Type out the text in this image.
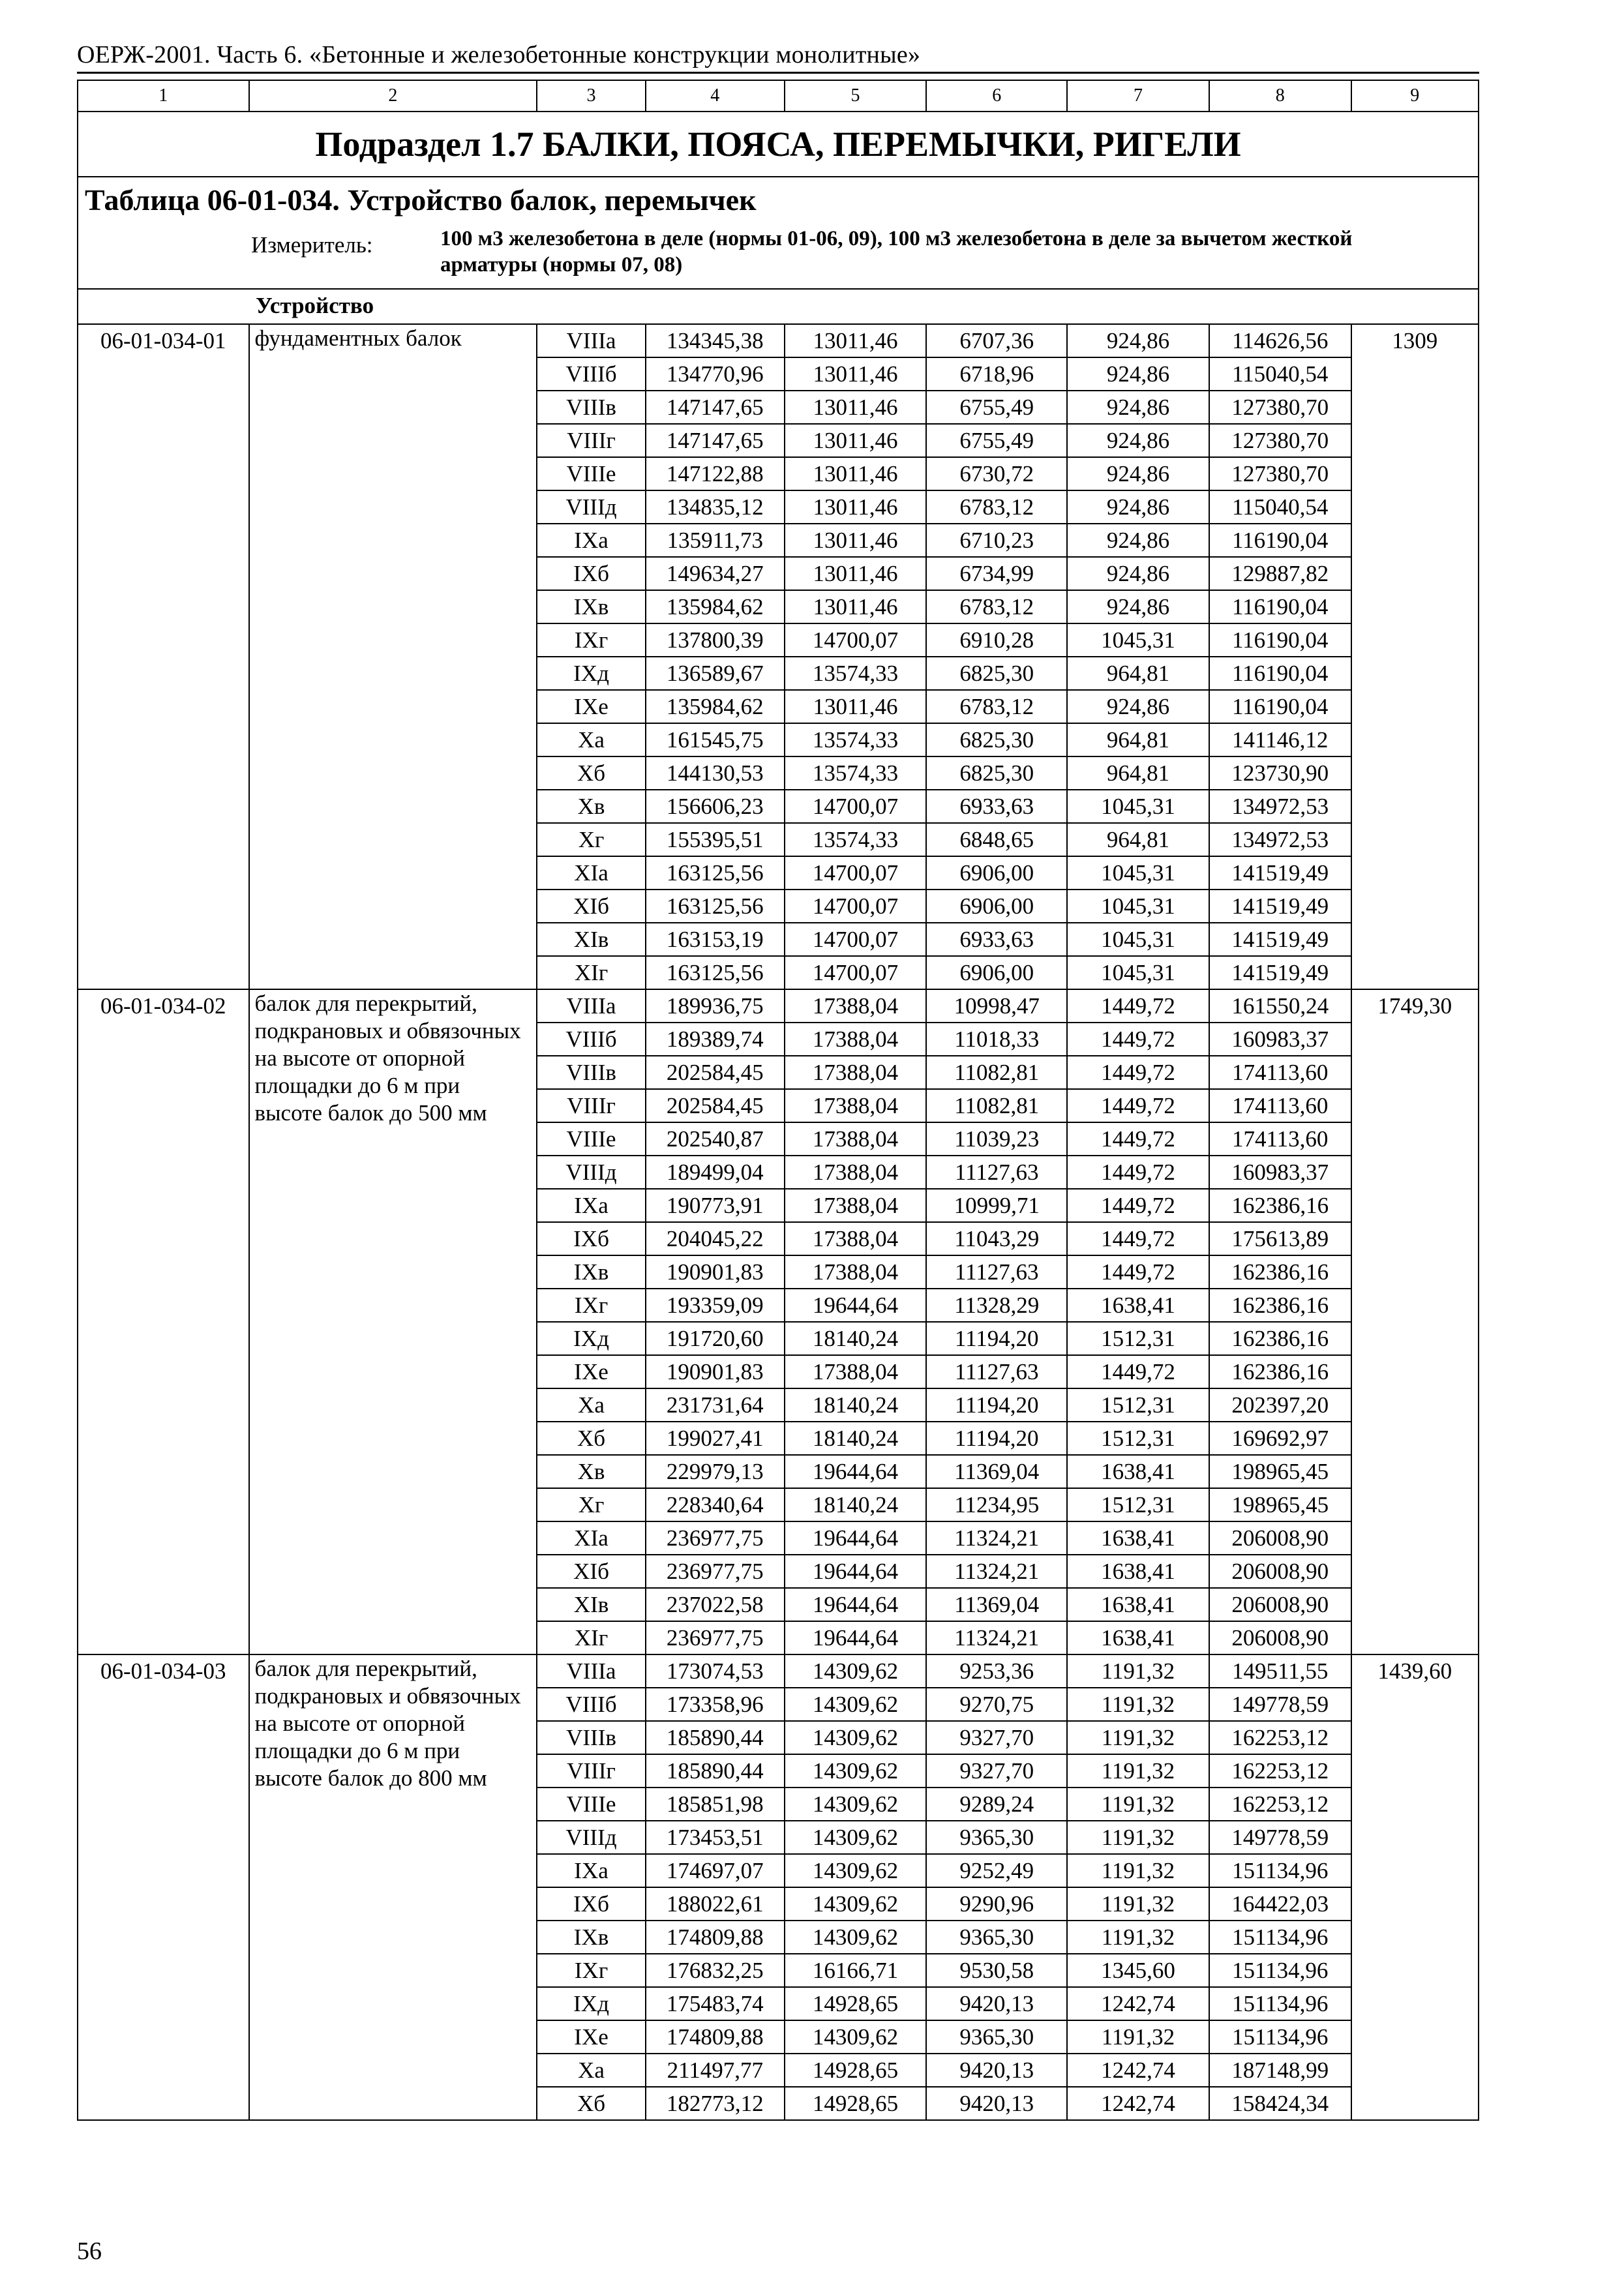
ОЕРЖ-2001. Часть 6. «Бетонные и железобетонные конструкции монолитные»
1	2	3	4	5	6	7	8	9
Подраздел 1.7 БАЛКИ, ПОЯСА, ПЕРЕМЫЧКИ, РИГЕЛИ								

Таблица 06-01-034. Устройство балок, перемычек
Измеритель: 100 м3 железобетона в деле (нормы 01-06, 09), 100 м3 железобетона в деле за вычетом жесткой арматуры (нормы 07, 08)								

Устройство								
06-01-034-01	фундаментных балок	VIIIа	134345,38	13011,46	6707,36	924,86	114626,56	1309
		VIIIб	134770,96	13011,46	6718,96	924,86	115040,54	
		VIIIв	147147,65	13011,46	6755,49	924,86	127380,70	
		VIIIг	147147,65	13011,46	6755,49	924,86	127380,70	
		VIIIе	147122,88	13011,46	6730,72	924,86	127380,70	
		VIIIд	134835,12	13011,46	6783,12	924,86	115040,54	
		IXа	135911,73	13011,46	6710,23	924,86	116190,04	
		IXб	149634,27	13011,46	6734,99	924,86	129887,82	
		IXв	135984,62	13011,46	6783,12	924,86	116190,04	
		IXг	137800,39	14700,07	6910,28	1045,31	116190,04	
		IXд	136589,67	13574,33	6825,30	964,81	116190,04	
		IXе	135984,62	13011,46	6783,12	924,86	116190,04	
		Xа	161545,75	13574,33	6825,30	964,81	141146,12	
		Xб	144130,53	13574,33	6825,30	964,81	123730,90	
		Xв	156606,23	14700,07	6933,63	1045,31	134972,53	
		Xг	155395,51	13574,33	6848,65	964,81	134972,53	
		XIа	163125,56	14700,07	6906,00	1045,31	141519,49	
		XIб	163125,56	14700,07	6906,00	1045,31	141519,49	
		XIв	163153,19	14700,07	6933,63	1045,31	141519,49	
		XIг	163125,56	14700,07	6906,00	1045,31	141519,49	
06-01-034-02	балок для перекрытий, подкрановых и обвязочных на высоте от опорной площадки до 6 м при высоте балок до 500 мм	VIIIа	189936,75	17388,04	10998,47	1449,72	161550,24	1749,30
		VIIIб	189389,74	17388,04	11018,33	1449,72	160983,37	
		VIIIв	202584,45	17388,04	11082,81	1449,72	174113,60	
		VIIIг	202584,45	17388,04	11082,81	1449,72	174113,60	
		VIIIе	202540,87	17388,04	11039,23	1449,72	174113,60	
		VIIIд	189499,04	17388,04	11127,63	1449,72	160983,37	
		IXа	190773,91	17388,04	10999,71	1449,72	162386,16	
		IXб	204045,22	17388,04	11043,29	1449,72	175613,89	
		IXв	190901,83	17388,04	11127,63	1449,72	162386,16	
		IXг	193359,09	19644,64	11328,29	1638,41	162386,16	
		IXд	191720,60	18140,24	11194,20	1512,31	162386,16	
		IXе	190901,83	17388,04	11127,63	1449,72	162386,16	
		Xа	231731,64	18140,24	11194,20	1512,31	202397,20	
		Xб	199027,41	18140,24	11194,20	1512,31	169692,97	
		Xв	229979,13	19644,64	11369,04	1638,41	198965,45	
		Xг	228340,64	18140,24	11234,95	1512,31	198965,45	
		XIа	236977,75	19644,64	11324,21	1638,41	206008,90	
		XIб	236977,75	19644,64	11324,21	1638,41	206008,90	
		XIв	237022,58	19644,64	11369,04	1638,41	206008,90	
		XIг	236977,75	19644,64	11324,21	1638,41	206008,90	
06-01-034-03	балок для перекрытий, подкрановых и обвязочных на высоте от опорной площадки до 6 м при высоте балок до 800 мм	VIIIа	173074,53	14309,62	9253,36	1191,32	149511,55	1439,60
		VIIIб	173358,96	14309,62	9270,75	1191,32	149778,59	
		VIIIв	185890,44	14309,62	9327,70	1191,32	162253,12	
		VIIIг	185890,44	14309,62	9327,70	1191,32	162253,12	
		VIIIе	185851,98	14309,62	9289,24	1191,32	162253,12	
		VIIIд	173453,51	14309,62	9365,30	1191,32	149778,59	
		IXа	174697,07	14309,62	9252,49	1191,32	151134,96	
		IXб	188022,61	14309,62	9290,96	1191,32	164422,03	
		IXв	174809,88	14309,62	9365,30	1191,32	151134,96	
		IXг	176832,25	16166,71	9530,58	1345,60	151134,96	
		IXд	175483,74	14928,65	9420,13	1242,74	151134,96	
		IXе	174809,88	14309,62	9365,30	1191,32	151134,96	
		Xа	211497,77	14928,65	9420,13	1242,74	187148,99	
		Xб	182773,12	14928,65	9420,13	1242,74	158424,34	
56
